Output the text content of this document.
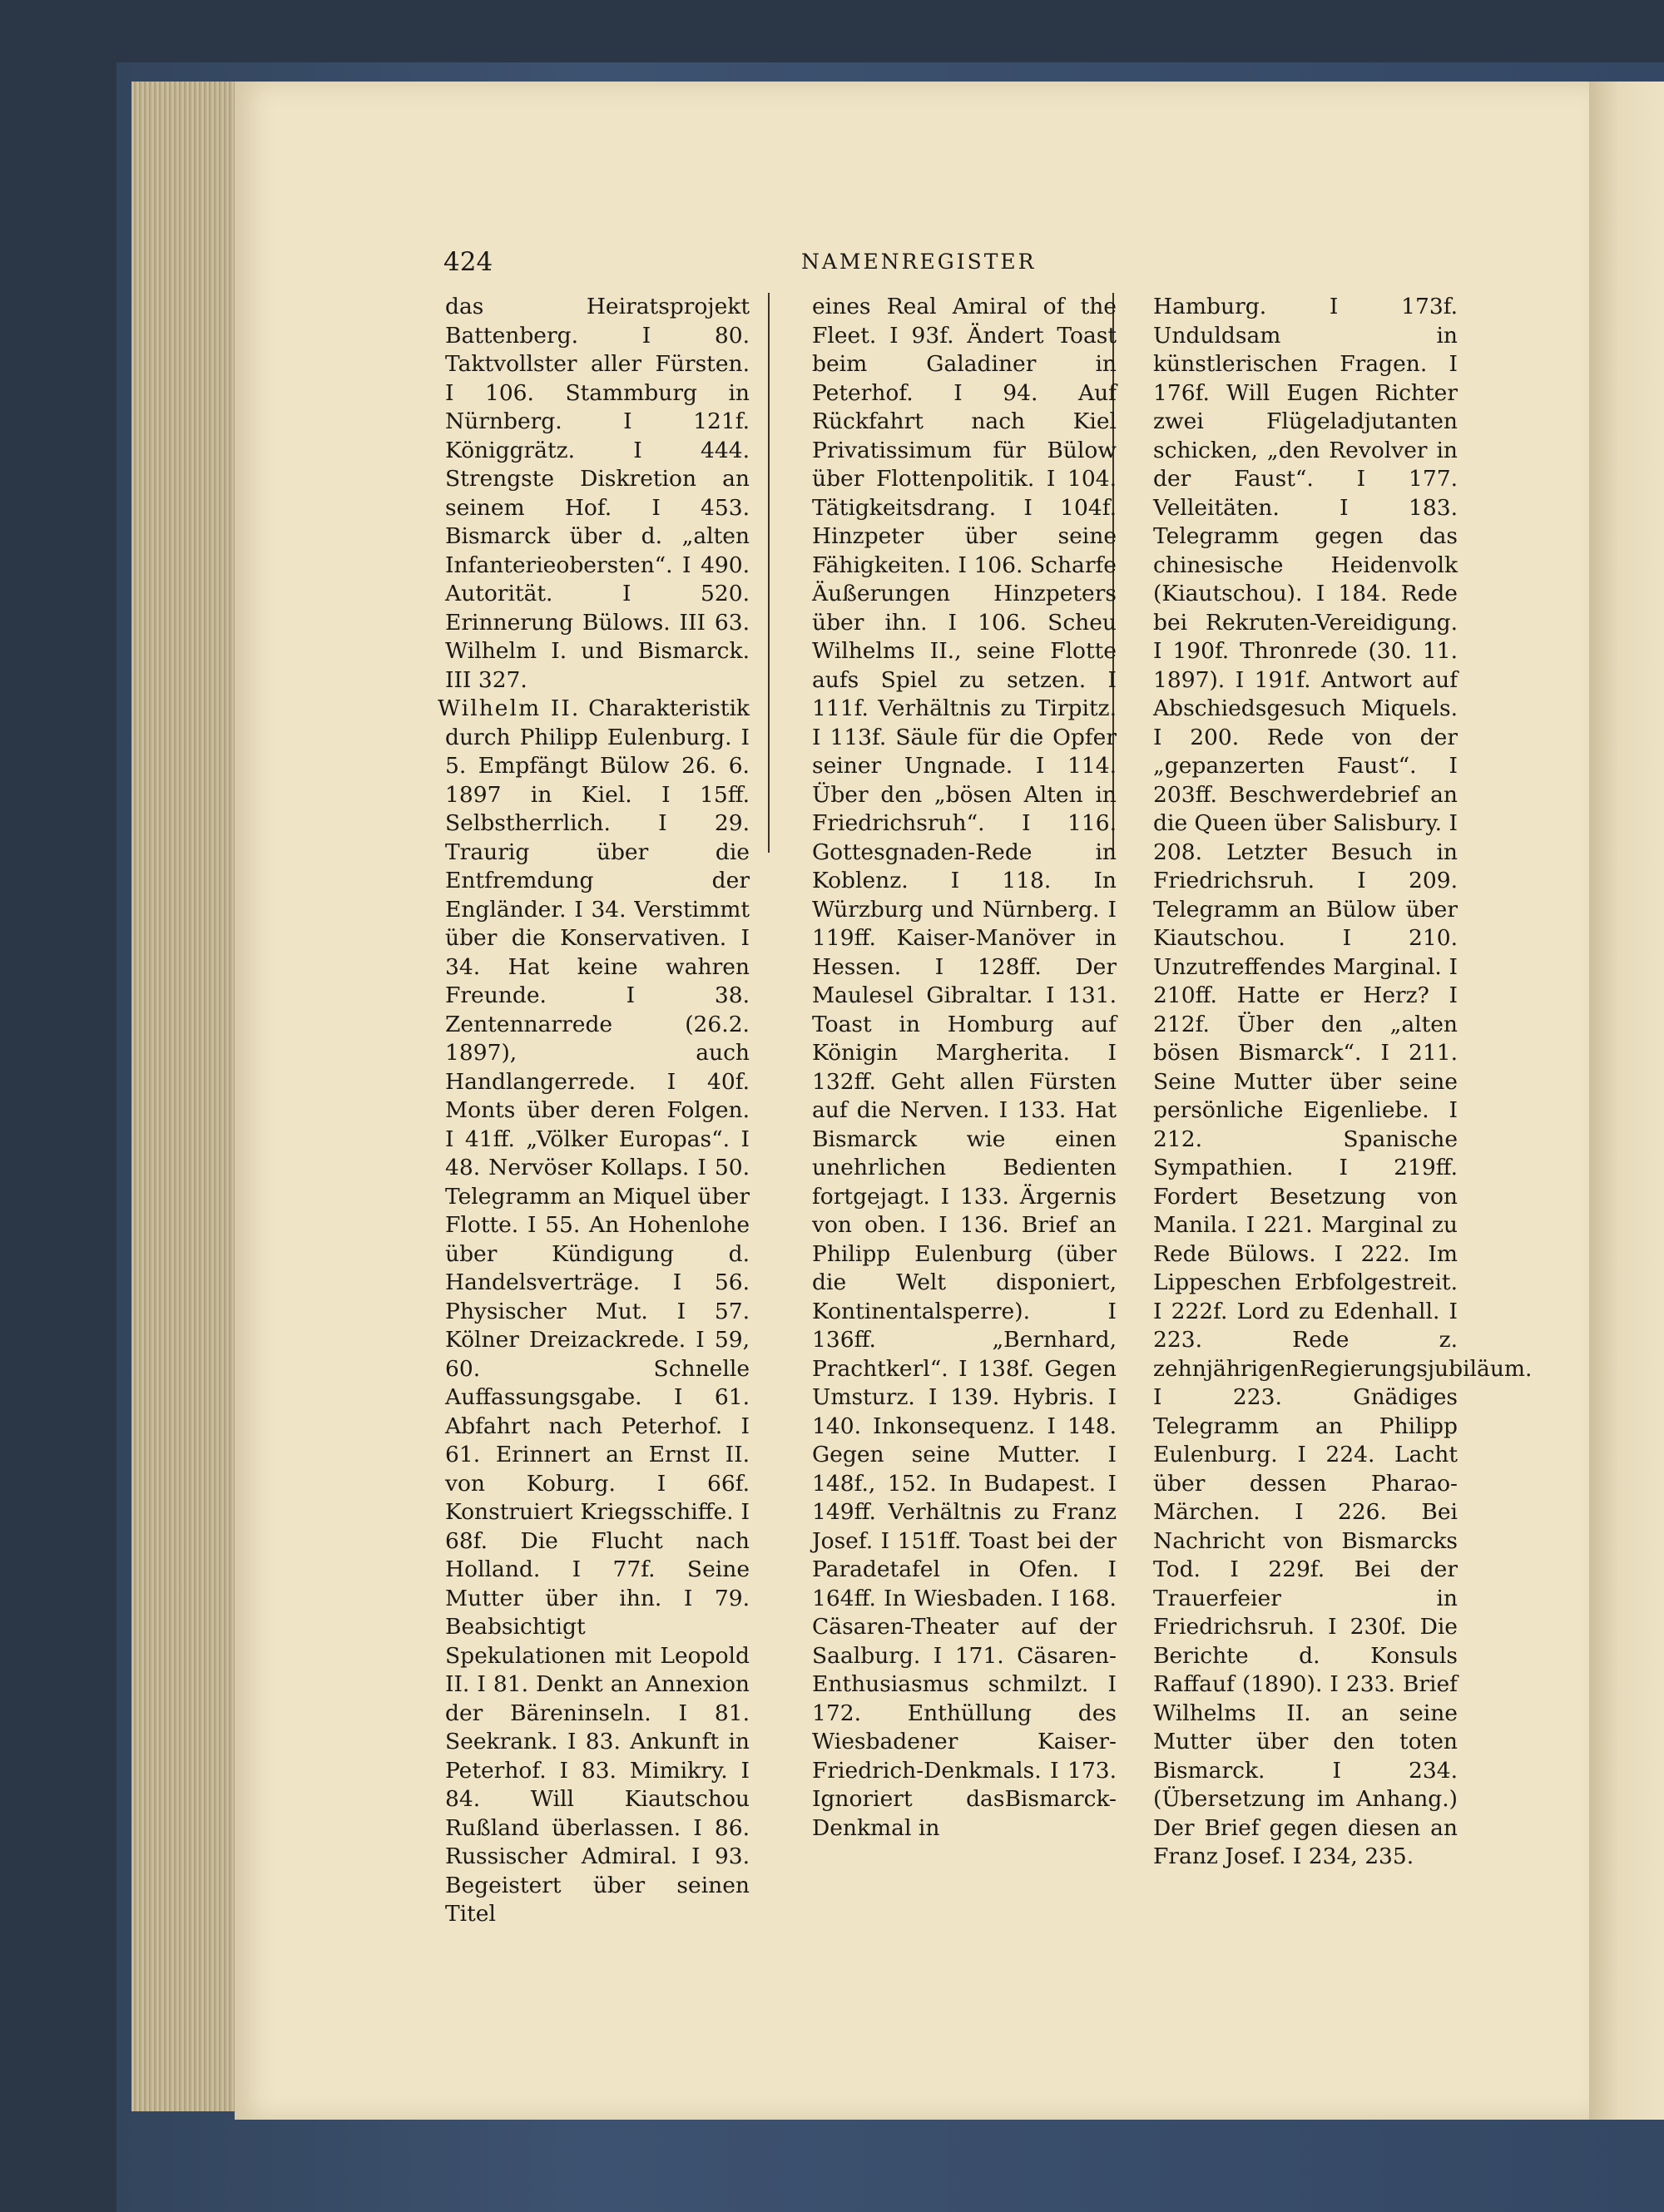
424	NAMENREGISTER

das Heiratsprojekt Battenberg. I 80. Taktvollster aller Fürsten. I 106. Stammburg in Nürnberg. I 121f. Königgrätz. I 444. Strengste Diskretion an seinem Hof. I 453. Bismarck über d. „alten Infanterieobersten“. I 490. Autorität. I 520. Erinnerung Bülows. III 63. Wilhelm I. und Bismarck. III 327.

Wilhelm II. Charakteristik durch Philipp Eulenburg. I 5. Empfängt Bülow 26. 6. 1897 in Kiel. I 15ff. Selbstherrlich. I 29. Traurig über die Entfremdung der Engländer. I 34. Verstimmt über die Konservativen. I 34. Hat keine wahren Freunde. I 38. Zentennarrede (26.2. 1897), auch Handlangerrede. I 40f. Monts über deren Folgen. I 41ff. „Völker Europas“. I 48. Nervöser Kollaps. I 50. Telegramm an Miquel über Flotte. I 55. An Hohenlohe über Kündigung d. Handelsverträge. I 56. Physischer Mut. I 57. Kölner Dreizackrede. I 59, 60. Schnelle Auffassungsgabe. I 61. Abfahrt nach Peterhof. I 61. Erinnert an Ernst II. von Koburg. I 66f. Konstruiert Kriegsschiffe. I 68f. Die Flucht nach Holland. I 77f. Seine Mutter über ihn. I 79. Beabsichtigt Spekulationen mit Leopold II. I 81. Denkt an Annexion der Bäreninseln. I 81. Seekrank. I 83. Ankunft in Peterhof. I 83. Mimikry. I 84. Will Kiautschou Rußland überlassen. I 86. Russischer Admiral. I 93. Begeistert über seinen Titel

eines Real Amiral of the Fleet. I 93f. Ändert Toast beim Galadiner in Peterhof. I 94. Auf Rückfahrt nach Kiel Privatissimum für Bülow über Flottenpolitik. I 104. Tätigkeitsdrang. I 104f. Hinzpeter über seine Fähigkeiten. I 106. Scharfe Äußerungen Hinzpeters über ihn. I 106. Scheu Wilhelms II., seine Flotte aufs Spiel zu setzen. I 111f. Verhältnis zu Tirpitz. I 113f. Säule für die Opfer seiner Ungnade. I 114. Über den „bösen Alten in Friedrichsruh“. I 116. Gottesgnaden-Rede in Koblenz. I 118. In Würzburg und Nürnberg. I 119ff. Kaiser-Manöver in Hessen. I 128ff. Der Maulesel Gibraltar. I 131. Toast in Homburg auf Königin Margherita. I 132ff. Geht allen Fürsten auf die Nerven. I 133. Hat Bismarck wie einen unehrlichen Bedienten fortgejagt. I 133. Ärgernis von oben. I 136. Brief an Philipp Eulenburg (über die Welt disponiert, Kontinentalsperre). I 136ff. „Bernhard, Prachtkerl“. I 138f. Gegen Umsturz. I 139. Hybris. I 140. Inkonsequenz. I 148. Gegen seine Mutter. I 148f., 152. In Budapest. I 149ff. Verhältnis zu Franz Josef. I 151ff. Toast bei der Paradetafel in Ofen. I 164ff. In Wiesbaden. I 168. Cäsaren-Theater auf der Saalburg. I 171. Cäsaren-Enthusiasmus schmilzt. I 172. Enthüllung des Wiesbadener Kaiser-Friedrich-Denkmals. I 173. Ignoriert dasBismarck-Denkmal in

Hamburg. I 173f. Unduldsam in künstlerischen Fragen. I 176f. Will Eugen Richter zwei Flügeladjutanten schicken, „den Revolver in der Faust“. I 177. Velleitäten. I 183. Telegramm gegen das chinesische Heidenvolk (Kiautschou). I 184. Rede bei Rekruten-Vereidigung. I 190f. Thronrede (30. 11. 1897). I 191f. Antwort auf Abschiedsgesuch Miquels. I 200. Rede von der „gepanzerten Faust“. I 203ff. Beschwerdebrief an die Queen über Salisbury. I 208. Letzter Besuch in Friedrichsruh. I 209. Telegramm an Bülow über Kiautschou. I 210. Unzutreffendes Marginal. I 210ff. Hatte er Herz? I 212f. Über den „alten bösen Bismarck“. I 211. Seine Mutter über seine persönliche Eigenliebe. I 212. Spanische Sympathien. I 219ff. Fordert Besetzung von Manila. I 221. Marginal zu Rede Bülows. I 222. Im Lippeschen Erbfolgestreit. I 222f. Lord zu Edenhall. I 223. Rede z. zehnjährigenRegierungsjubiläum. I 223. Gnädiges Telegramm an Philipp Eulenburg. I 224. Lacht über dessen Pharao-Märchen. I 226. Bei Nachricht von Bismarcks Tod. I 229f. Bei der Trauerfeier in Friedrichsruh. I 230f. Die Berichte d. Konsuls Raffauf (1890). I 233. Brief Wilhelms II. an seine Mutter über den toten Bismarck. I 234. (Übersetzung im Anhang.) Der Brief gegen diesen an Franz Josef. I 234, 235.
